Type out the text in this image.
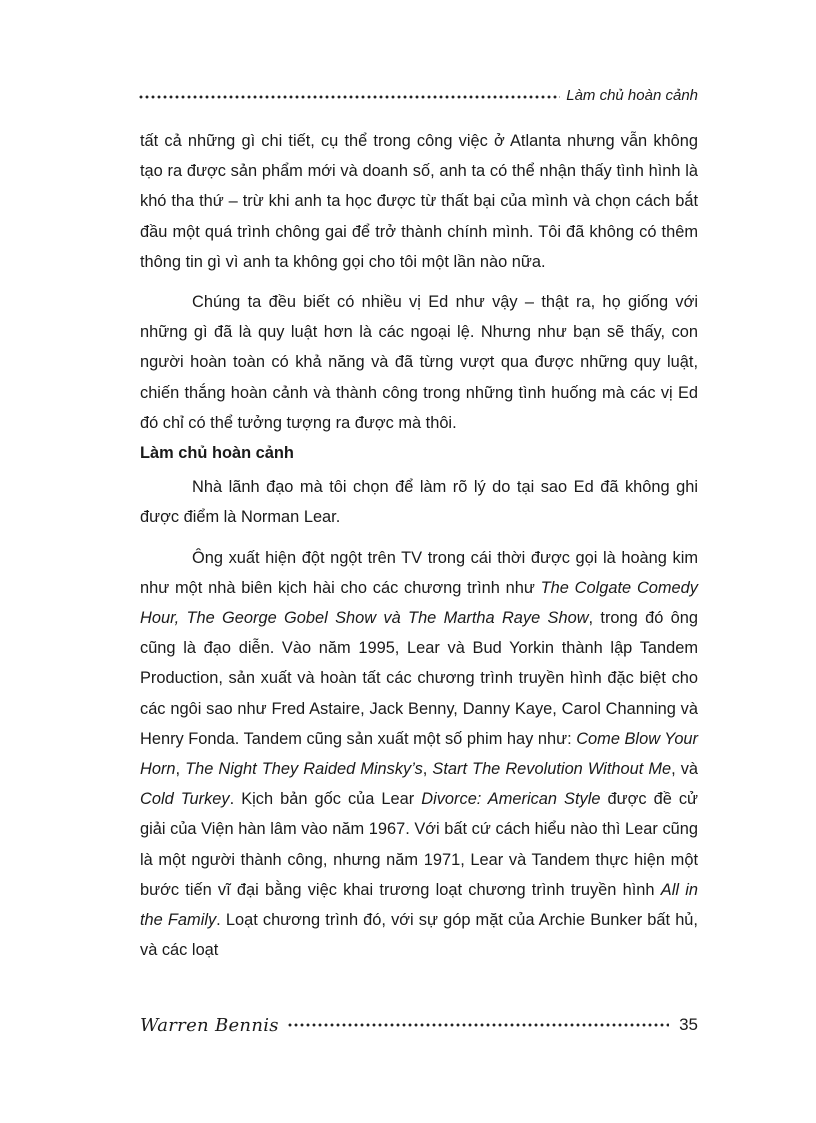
Làm chủ hoàn cảnh

tất cả những gì chi tiết, cụ thể trong công việc ở Atlanta nhưng vẫn không tạo ra được sản phẩm mới và doanh số, anh ta có thể nhận thấy tình hình là khó tha thứ – trừ khi anh ta học được từ thất bại của mình và chọn cách bắt đầu một quá trình chông gai để trở thành chính mình. Tôi đã không có thêm thông tin gì vì anh ta không gọi cho tôi một lần nào nữa.

Chúng ta đều biết có nhiều vị Ed như vậy – thật ra, họ giống với những gì đã là quy luật hơn là các ngoại lệ. Nhưng như bạn sẽ thấy, con người hoàn toàn có khả năng và đã từng vượt qua được những quy luật, chiến thắng hoàn cảnh và thành công trong những tình huống mà các vị Ed đó chỉ có thể tưởng tượng ra được mà thôi.

Làm chủ hoàn cảnh

Nhà lãnh đạo mà tôi chọn để làm rõ lý do tại sao Ed đã không ghi được điểm là Norman Lear.

Ông xuất hiện đột ngột trên TV trong cái thời được gọi là hoàng kim như một nhà biên kịch hài cho các chương trình như The Colgate Comedy Hour, The George Gobel Show và The Martha Raye Show, trong đó ông cũng là đạo diễn. Vào năm 1995, Lear và Bud Yorkin thành lập Tandem Production, sản xuất và hoàn tất các chương trình truyền hình đặc biệt cho các ngôi sao như Fred Astaire, Jack Benny, Danny Kaye, Carol Channing và Henry Fonda. Tandem cũng sản xuất một số phim hay như: Come Blow Your Horn, The Night They Raided Minsky’s, Start The Revolution Without Me, và Cold Turkey. Kịch bản gốc của Lear Divorce: American Style được đề cử giải của Viện hàn lâm vào năm 1967. Với bất cứ cách hiểu nào thì Lear cũng là một người thành công, nhưng năm 1971, Lear và Tandem thực hiện một bước tiến vĩ đại bằng việc khai trương loạt chương trình truyền hình All in the Family. Loạt chương trình đó, với sự góp mặt của Archie Bunker bất hủ, và các loạt

Warren Bennis	35
